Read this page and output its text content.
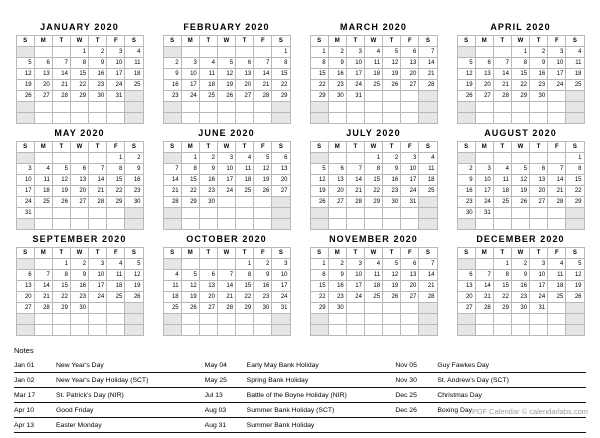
JANUARY 2020
S	M	T	W	T	F	S
			1	2	3	4
5	6	7	8	9	10	11
12	13	14	15	16	17	18
19	20	21	22	23	24	25
26	27	28	29	30	31	

FEBRUARY 2020
S	M	T	W	T	F	S
						1
2	3	4	5	6	7	8
9	10	11	12	13	14	15
16	17	18	19	20	21	22
23	24	25	26	27	28	29

MARCH 2020
S	M	T	W	T	F	S
1	2	3	4	5	6	7
8	9	10	11	12	13	14
15	16	17	18	19	20	21
22	23	24	25	26	27	28
29	30	31				

APRIL 2020
S	M	T	W	T	F	S
			1	2	3	4
5	6	7	8	9	10	11
12	13	14	15	16	17	18
19	20	21	22	23	24	25
26	27	28	29	30		

MAY 2020
S	M	T	W	T	F	S
					1	2
3	4	5	6	7	8	9
10	11	12	13	14	15	16
17	18	19	20	21	22	23
24	25	26	27	28	29	30
31						

JUNE 2020
S	M	T	W	T	F	S
	1	2	3	4	5	6
7	8	9	10	11	12	13
14	15	16	17	18	19	20
21	22	23	24	25	26	27
28	29	30				

JULY 2020
S	M	T	W	T	F	S
			1	2	3	4
5	6	7	8	9	10	11
12	13	14	15	16	17	18
19	20	21	22	23	24	25
26	27	28	29	30	31	

AUGUST 2020
S	M	T	W	T	F	S
						1
2	3	4	5	6	7	8
9	10	11	12	13	14	15
16	17	18	19	20	21	22
23	24	25	26	27	28	29
30	31					

SEPTEMBER 2020
S	M	T	W	T	F	S
		1	2	3	4	5
6	7	8	9	10	11	12
13	14	15	16	17	18	19
20	21	22	23	24	25	26
27	28	29	30			

OCTOBER 2020
S	M	T	W	T	F	S
				1	2	3
4	5	6	7	8	9	10
11	12	13	14	15	16	17
18	19	20	21	22	23	24
25	26	27	28	29	30	31

NOVEMBER 2020
S	M	T	W	T	F	S
1	2	3	4	5	6	7
8	9	10	11	12	13	14
15	16	17	18	19	20	21
22	23	24	25	26	27	28
29	30					

DECEMBER 2020
S	M	T	W	T	F	S
		1	2	3	4	5
6	7	8	9	10	11	12
13	14	15	16	17	18	19
20	21	22	23	24	25	26
27	28	29	30	31		

Notes
Jan 01	New Year's Day
Jan 02	New Year's Day Holiday (SCT)
Mar 17	St. Patrick's Day (NIR)
Apr 10	Good Friday
Apr 13	Easter Monday
May 04	Early May Bank Holiday
May 25	Spring Bank Holiday
Jul 13	Battle of the Boyne Holiday (NIR)
Aug 03	Summer Bank Holiday (SCT)
Aug 31	Summer Bank Holiday
Nov 05	Guy Fawkes Day
Nov 30	St. Andrew's Day (SCT)
Dec 25	Christmas Day
Dec 26	Boxing Day PDF Calendar © calendarlabs.com
